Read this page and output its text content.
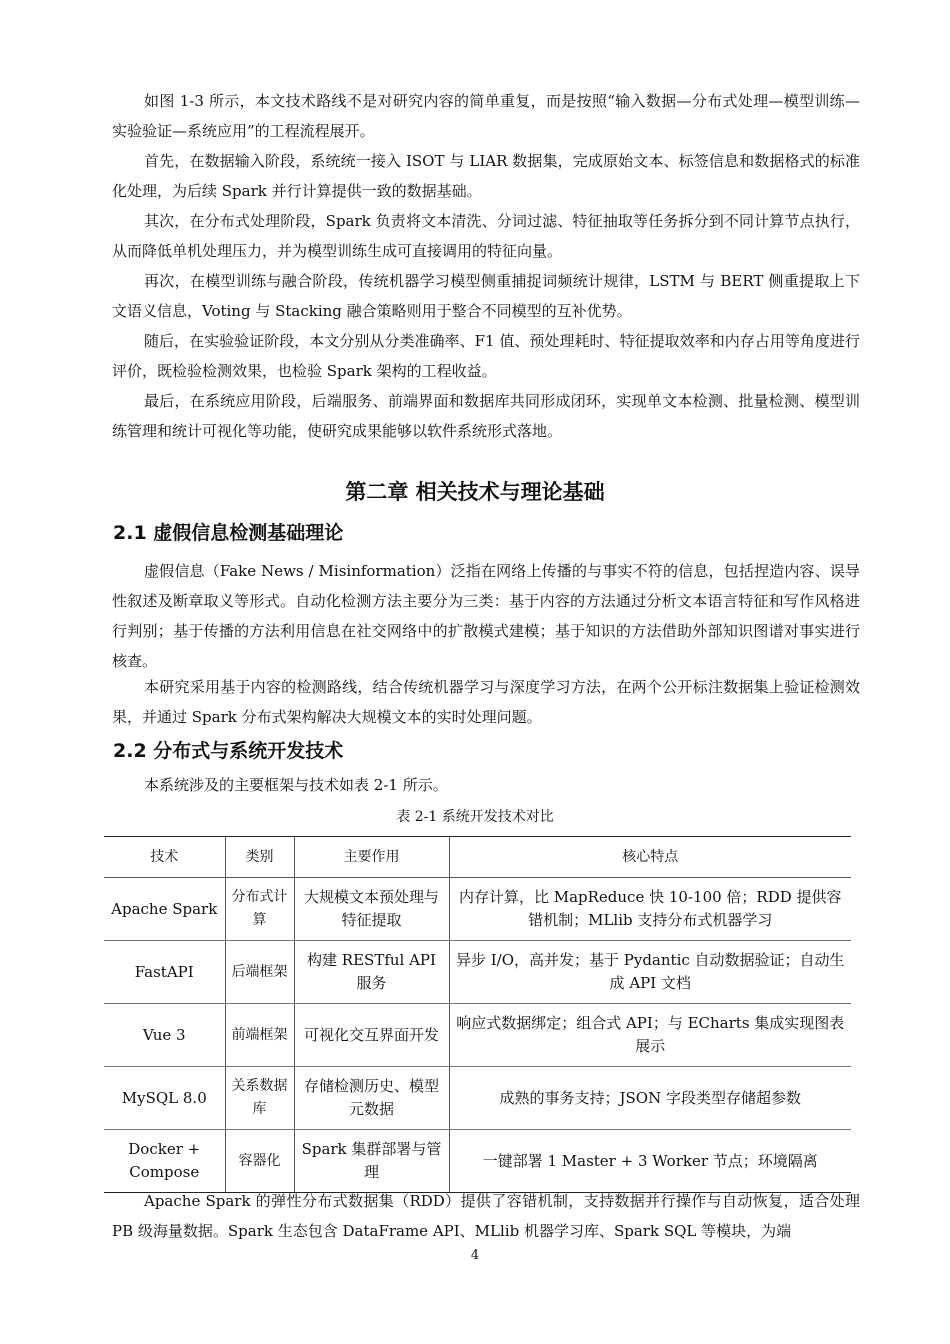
如图 1-3 所示，本文技术路线不是对研究内容的简单重复，而是按照“输入数据—分布式处理—模型训练—实验验证—系统应用”的工程流程展开。

首先，在数据输入阶段，系统统一接入 ISOT 与 LIAR 数据集，完成原始文本、标签信息和数据格式的标准化处理，为后续 Spark 并行计算提供一致的数据基础。

其次，在分布式处理阶段，Spark 负责将文本清洗、分词过滤、特征抽取等任务拆分到不同计算节点执行，从而降低单机处理压力，并为模型训练生成可直接调用的特征向量。

再次，在模型训练与融合阶段，传统机器学习模型侧重捕捉词频统计规律，LSTM 与 BERT 侧重提取上下文语义信息，Voting 与 Stacking 融合策略则用于整合不同模型的互补优势。

随后，在实验验证阶段，本文分别从分类准确率、F1 值、预处理耗时、特征提取效率和内存占用等角度进行评价，既检验检测效果，也检验 Spark 架构的工程收益。

最后，在系统应用阶段，后端服务、前端界面和数据库共同形成闭环，实现单文本检测、批量检测、模型训练管理和统计可视化等功能，使研究成果能够以软件系统形式落地。

第二章 相关技术与理论基础
2.1 虚假信息检测基础理论

虚假信息（Fake News / Misinformation）泛指在网络上传播的与事实不符的信息，包括捏造内容、误导性叙述及断章取义等形式。自动化检测方法主要分为三类：基于内容的方法通过分析文本语言特征和写作风格进行判别；基于传播的方法利用信息在社交网络中的扩散模式建模；基于知识的方法借助外部知识图谱对事实进行核查。

本研究采用基于内容的检测路线，结合传统机器学习与深度学习方法，在两个公开标注数据集上验证检测效果，并通过 Spark 分布式架构解决大规模文本的实时处理问题。

2.2 分布式与系统开发技术

本系统涉及的主要框架与技术如表 2-1 所示。

表 2-1 系统开发技术对比
技术	类别	主要作用	核心特点
Apache Spark	分布式计算	大规模文本预处理与特征提取	内存计算，比 MapReduce 快 10-100 倍；RDD 提供容错机制；MLlib 支持分布式机器学习
FastAPI	后端框架	构建 RESTful API 服务	异步 I/O，高并发；基于 Pydantic 自动数据验证；自动生成 API 文档
Vue 3	前端框架	可视化交互界面开发	响应式数据绑定；组合式 API；与 ECharts 集成实现图表展示
MySQL 8.0	关系数据库	存储检测历史、模型元数据	成熟的事务支持；JSON 字段类型存储超参数
Docker + Compose	容器化	Spark 集群部署与管理	一键部署 1 Master + 3 Worker 节点；环境隔离

Apache Spark 的弹性分布式数据集（RDD）提供了容错机制，支持数据并行操作与自动恢复，适合处理 PB 级海量数据。Spark 生态包含 DataFrame API、MLlib 机器学习库、Spark SQL 等模块，为端

4
